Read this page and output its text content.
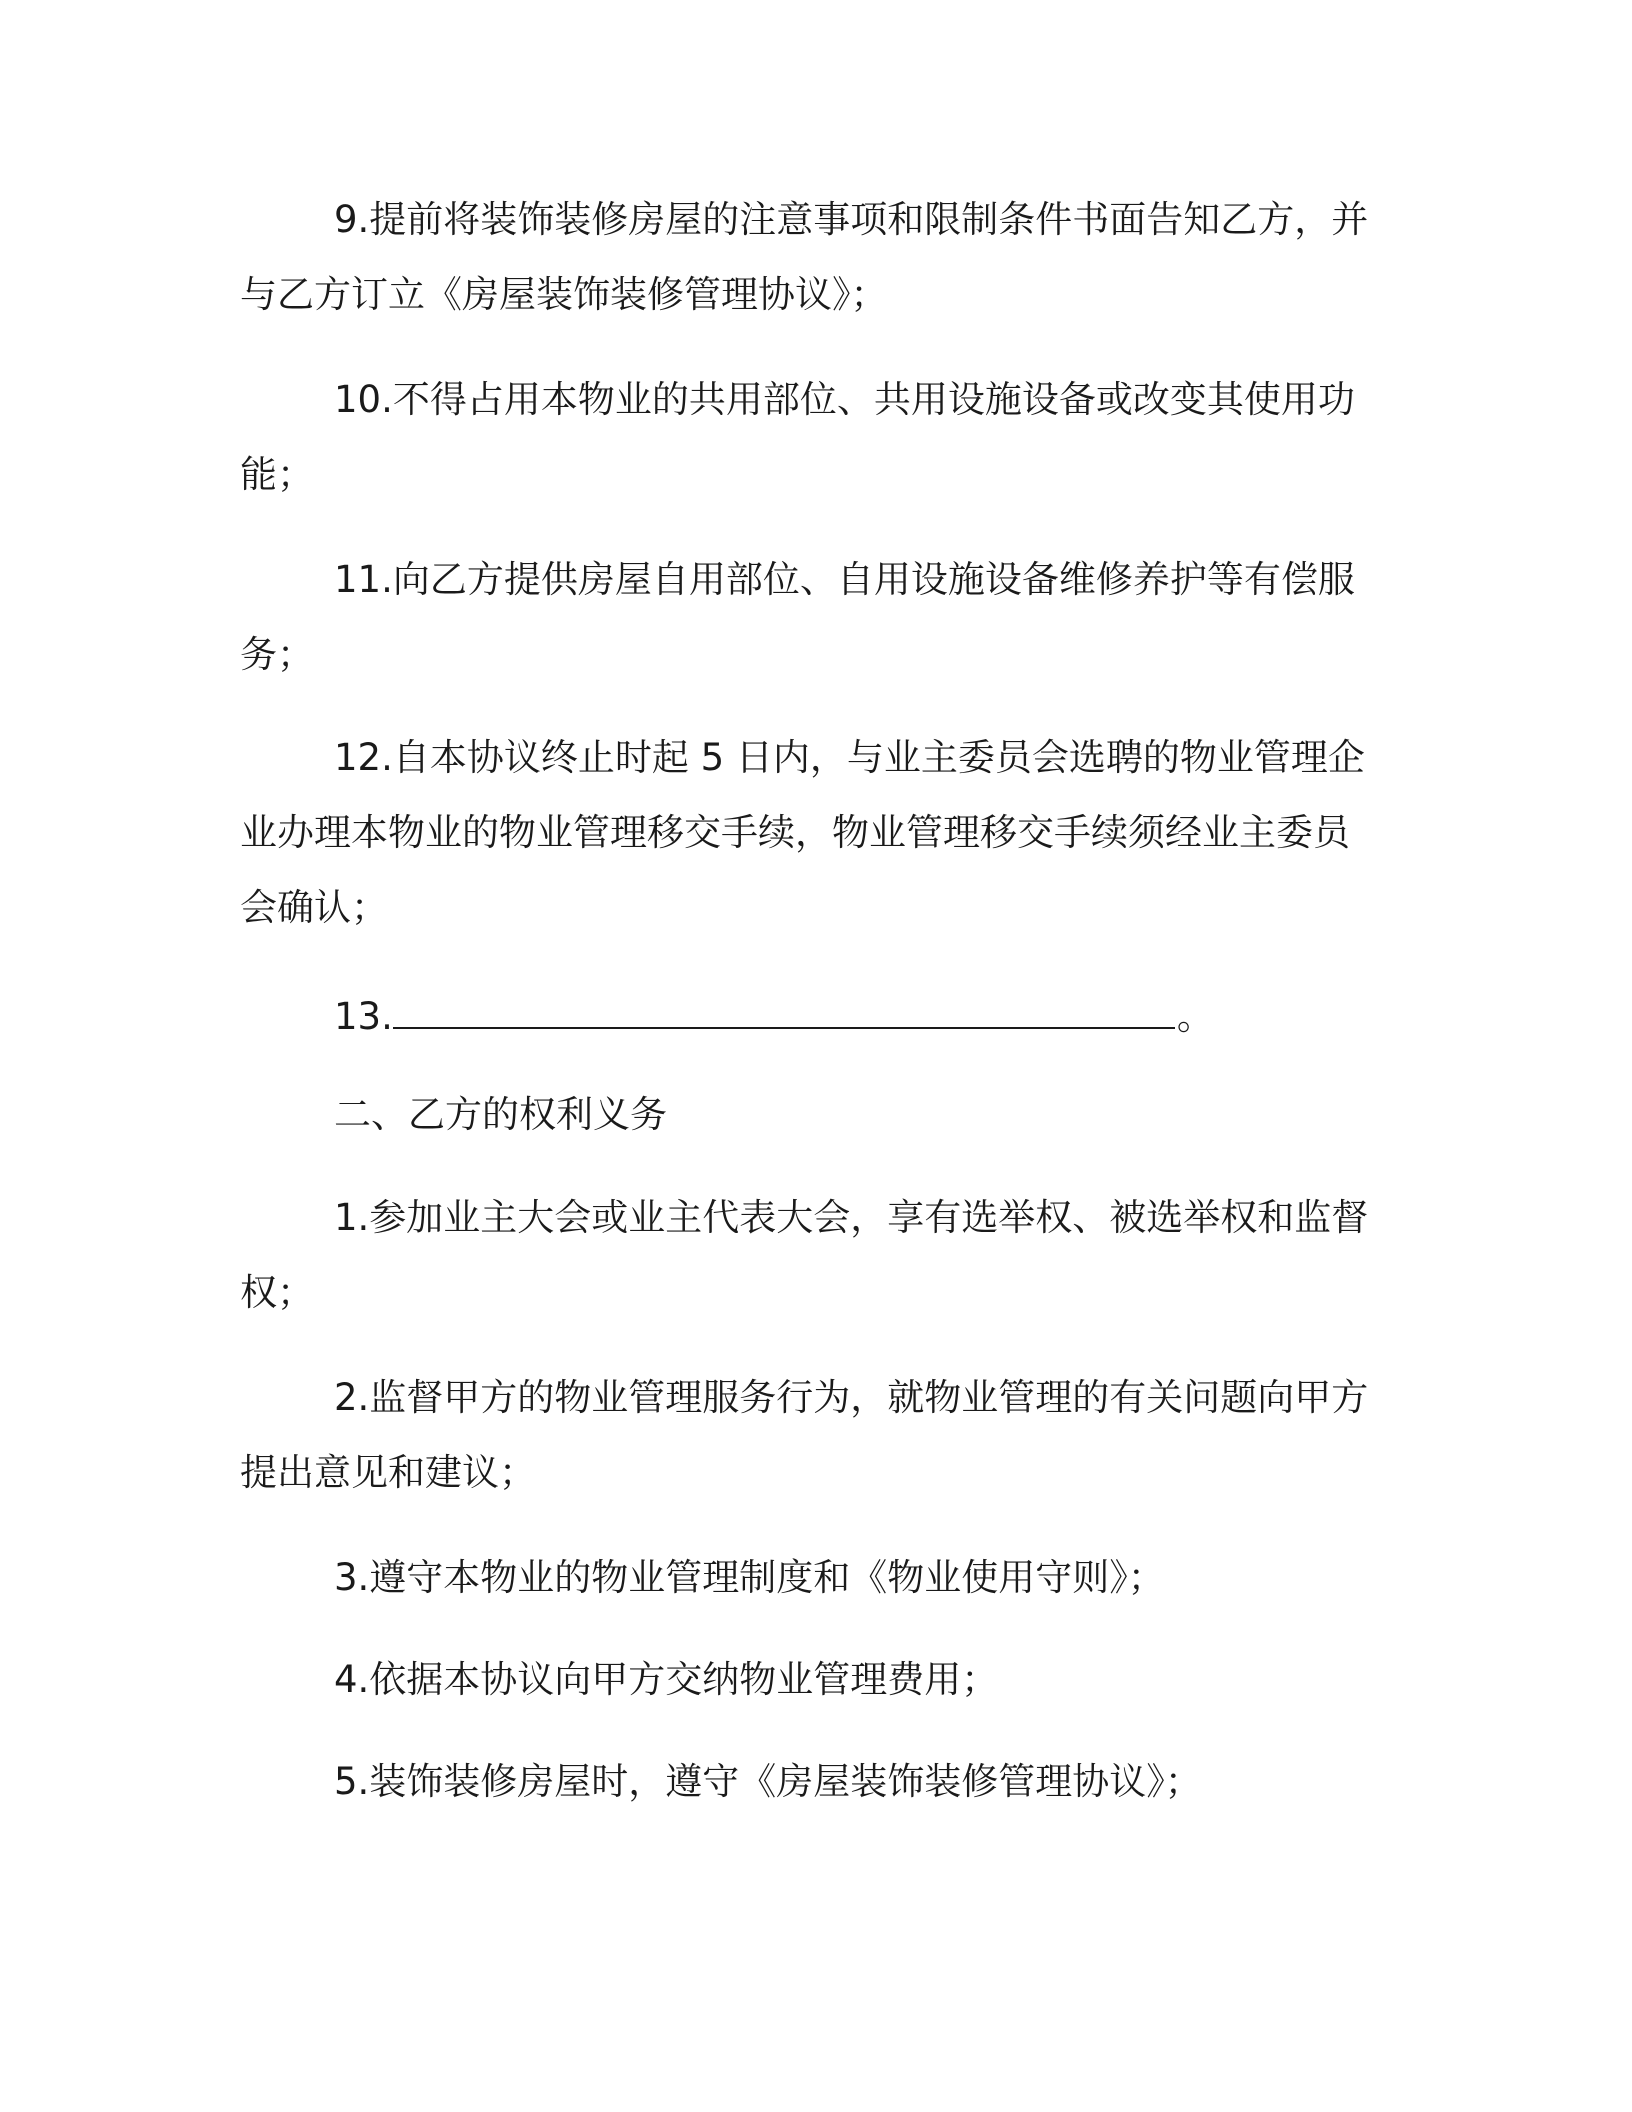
9.提前将装饰装修房屋的注意事项和限制条件书面告知乙方，并
与乙方订立《房屋装饰装修管理协议》；
10.不得占用本物业的共用部位、共用设施设备或改变其使用功
能；
11.向乙方提供房屋自用部位、自用设施设备维修养护等有偿服
务；
12.自本协议终止时起 5 日内，与业主委员会选聘的物业管理企
业办理本物业的物业管理移交手续，物业管理移交手续须经业主委员
会确认；
13.	。
二、乙方的权利义务
1.参加业主大会或业主代表大会，享有选举权、被选举权和监督
权；
2.监督甲方的物业管理服务行为，就物业管理的有关问题向甲方
提出意见和建议；
3.遵守本物业的物业管理制度和《物业使用守则》；
4.依据本协议向甲方交纳物业管理费用；
5.装饰装修房屋时，遵守《房屋装饰装修管理协议》；
